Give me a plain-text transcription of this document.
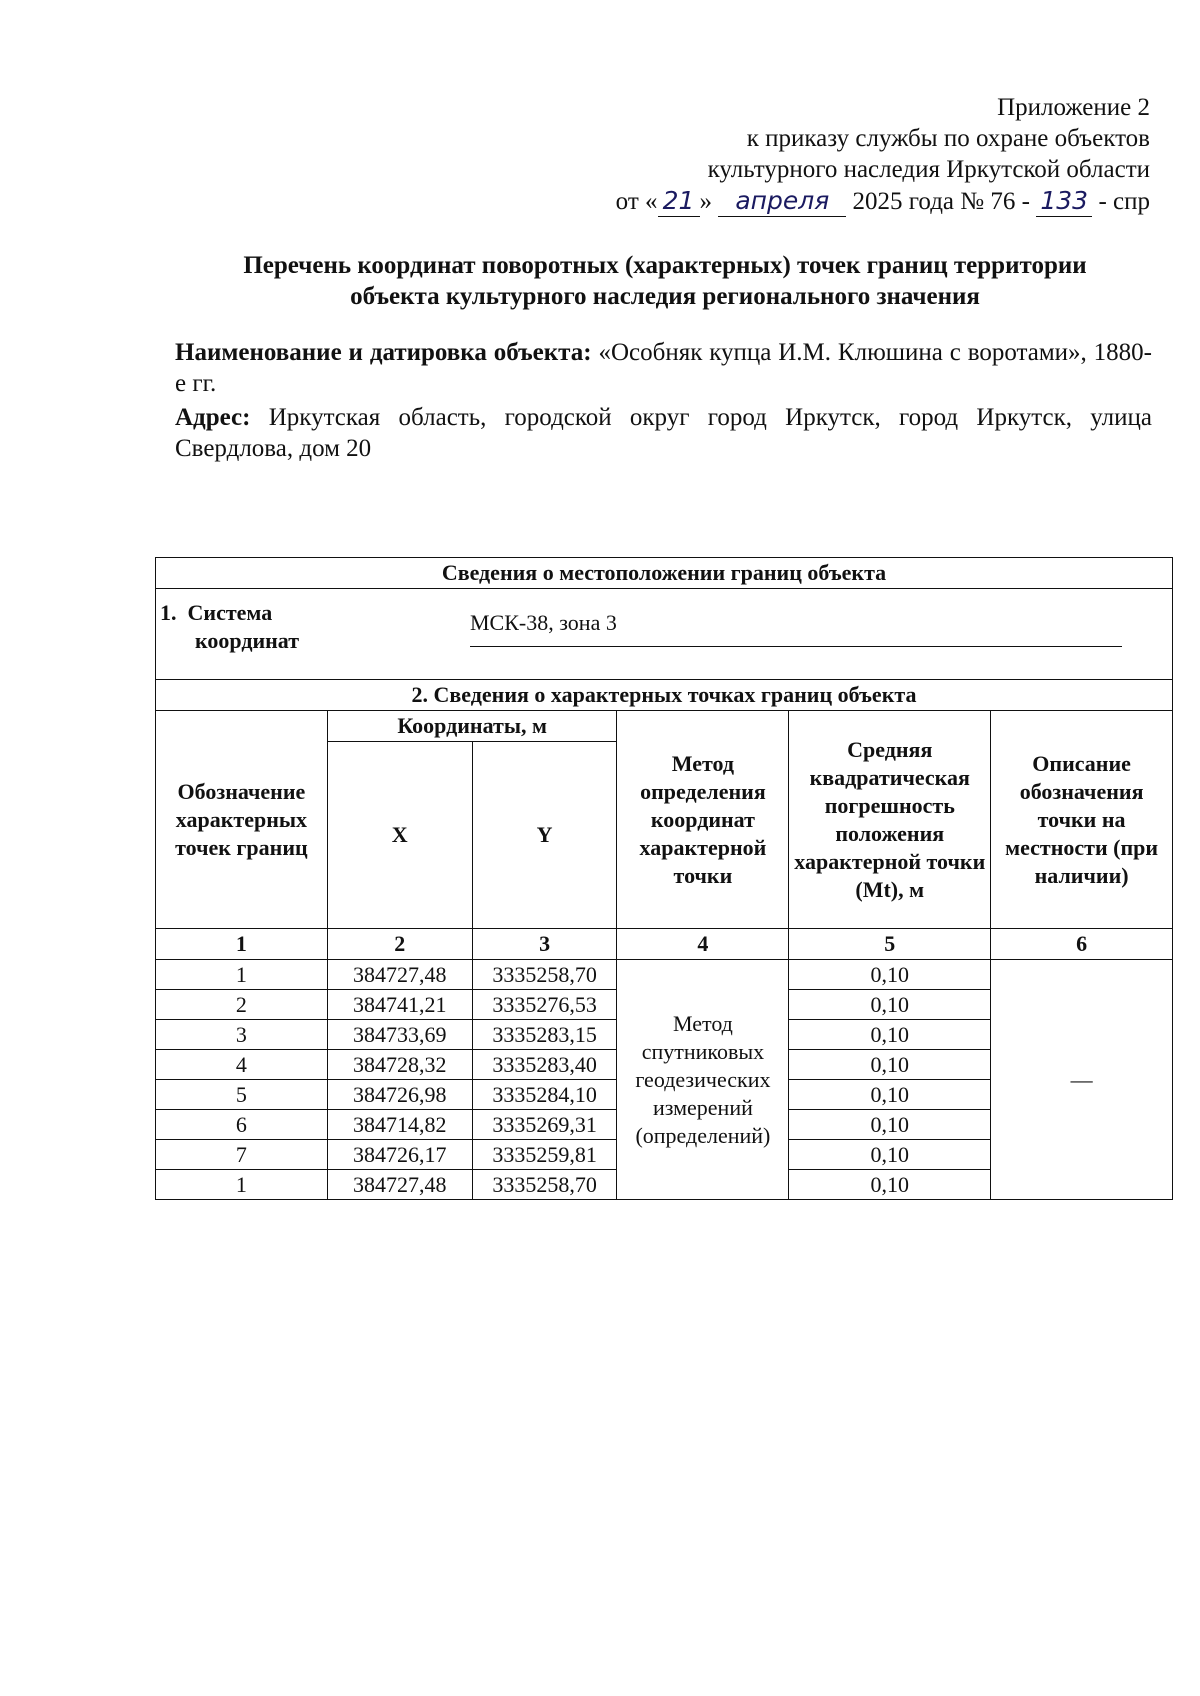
Приложение 2
к приказу службы по охране объектов
культурного наследия Иркутской области
от « 21 » апреля 2025 года № 76 - 133 - спр
Перечень координат поворотных (характерных) точек границ территории
объекта культурного наследия регионального значения

Наименование и датировка объекта: «Особняк купца И.М. Клюшина с воротами», 1880-е гг.

Адрес: Иркутская область, городской округ город Иркутск, город Иркутск, улица Свердлова, дом 20

Сведения о местоположении границ объекта					

1.  Система
координат
МСК-38, зона 3					

2. Сведения о характерных точках границ объекта					
Обозначение характерных точек границ	Координаты, м		Метод определения координат характерной точки	Средняя квадратическая погрешность положения характерной точки (Mt), м	Описание обозначения точки на местности (при наличии)
	X	Y			
1	2	3	4	5	6
1	384727,48	3335258,70	Метод спутниковых геодезических измерений (определений)	0,10	—
2	384741,21	3335276,53		0,10	
3	384733,69	3335283,15		0,10	
4	384728,32	3335283,40		0,10	
5	384726,98	3335284,10		0,10	
6	384714,82	3335269,31		0,10	
7	384726,17	3335259,81		0,10	
1	384727,48	3335258,70		0,10	
